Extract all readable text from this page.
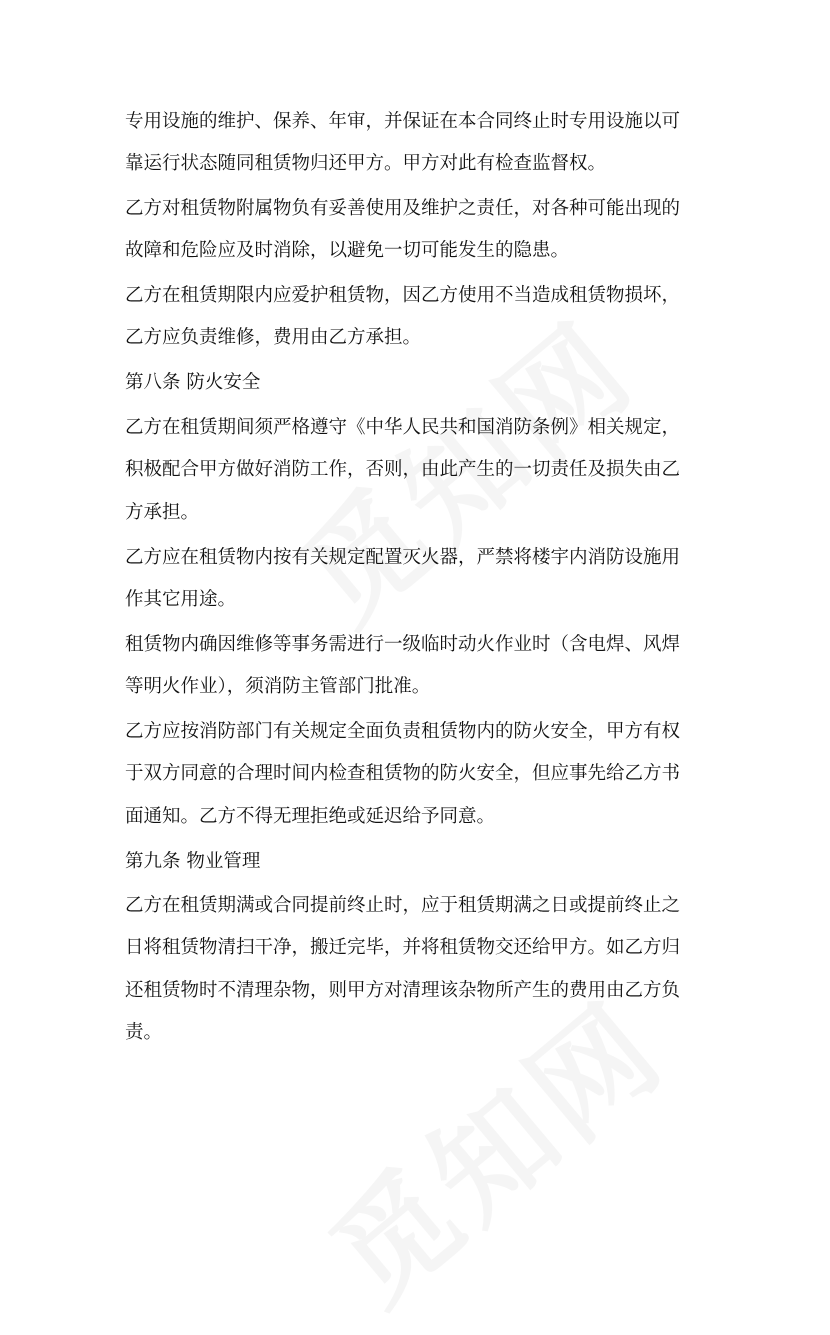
专用设施的维护、保养、年审，并保证在本合同终止时专用设施以可
靠运行状态随同租赁物归还甲方。甲方对此有检查监督权。
乙方对租赁物附属物负有妥善使用及维护之责任，对各种可能出现的
故障和危险应及时消除，以避免一切可能发生的隐患。
乙方在租赁期限内应爱护租赁物，因乙方使用不当造成租赁物损坏，
乙方应负责维修，费用由乙方承担。
第八条 防火安全
乙方在租赁期间须严格遵守《中华人民共和国消防条例》相关规定，
积极配合甲方做好消防工作，否则，由此产生的一切责任及损失由乙
方承担。
乙方应在租赁物内按有关规定配置灭火器，严禁将楼宇内消防设施用
作其它用途。
租赁物内确因维修等事务需进行一级临时动火作业时（含电焊、风焊
等明火作业），须消防主管部门批准。
乙方应按消防部门有关规定全面负责租赁物内的防火安全，甲方有权
于双方同意的合理时间内检查租赁物的防火安全，但应事先给乙方书
面通知。乙方不得无理拒绝或延迟给予同意。
第九条 物业管理
乙方在租赁期满或合同提前终止时，应于租赁期满之日或提前终止之
日将租赁物清扫干净，搬迁完毕，并将租赁物交还给甲方。如乙方归
还租赁物时不清理杂物，则甲方对清理该杂物所产生的费用由乙方负
责。
